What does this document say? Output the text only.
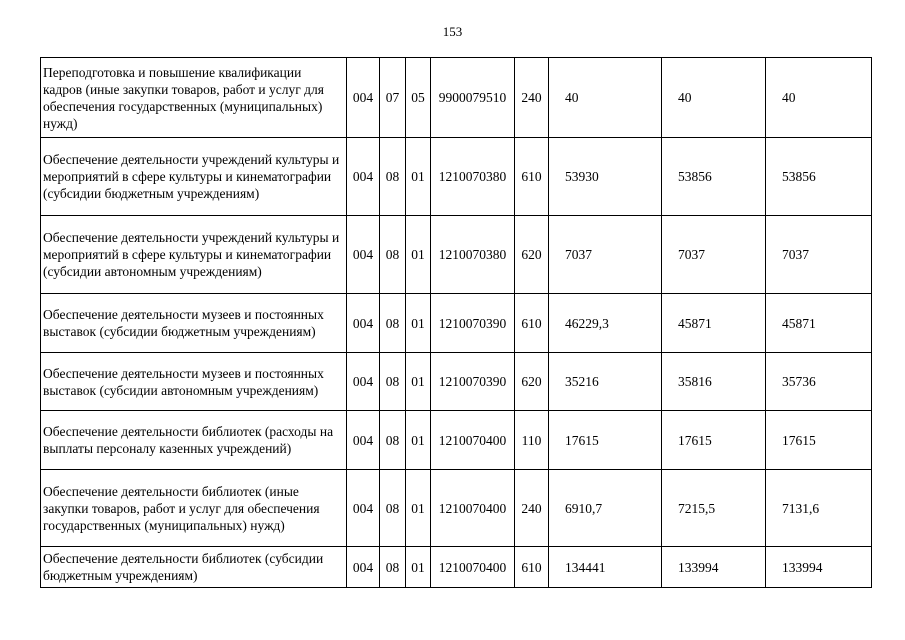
153
Переподготовка и повышение квалификации кадров (иные закупки товаров, работ и услуг для обеспечения государственных (муниципальных) нужд)	004	07	05	9900079510	240	40	40	40
Обеспечение деятельности учреждений культуры и мероприятий в сфере культуры и кинематографии (субсидии бюджетным учреждениям)	004	08	01	1210070380	610	53930	53856	53856
Обеспечение деятельности учреждений культуры и мероприятий в сфере культуры и кинематографии (субсидии автономным учреждениям)	004	08	01	1210070380	620	7037	7037	7037
Обеспечение деятельности музеев и постоянных выставок (субсидии бюджетным учреждениям)	004	08	01	1210070390	610	46229,3	45871	45871
Обеспечение деятельности музеев и постоянных выставок (субсидии автономным учреждениям)	004	08	01	1210070390	620	35216	35816	35736
Обеспечение деятельности библиотек (расходы на выплаты персоналу казенных учреждений)	004	08	01	1210070400	110	17615	17615	17615
Обеспечение деятельности библиотек (иные закупки товаров, работ и услуг для обеспечения государственных (муниципальных) нужд)	004	08	01	1210070400	240	6910,7	7215,5	7131,6
Обеспечение деятельности библиотек (субсидии бюджетным учреждениям)	004	08	01	1210070400	610	134441	133994	133994
